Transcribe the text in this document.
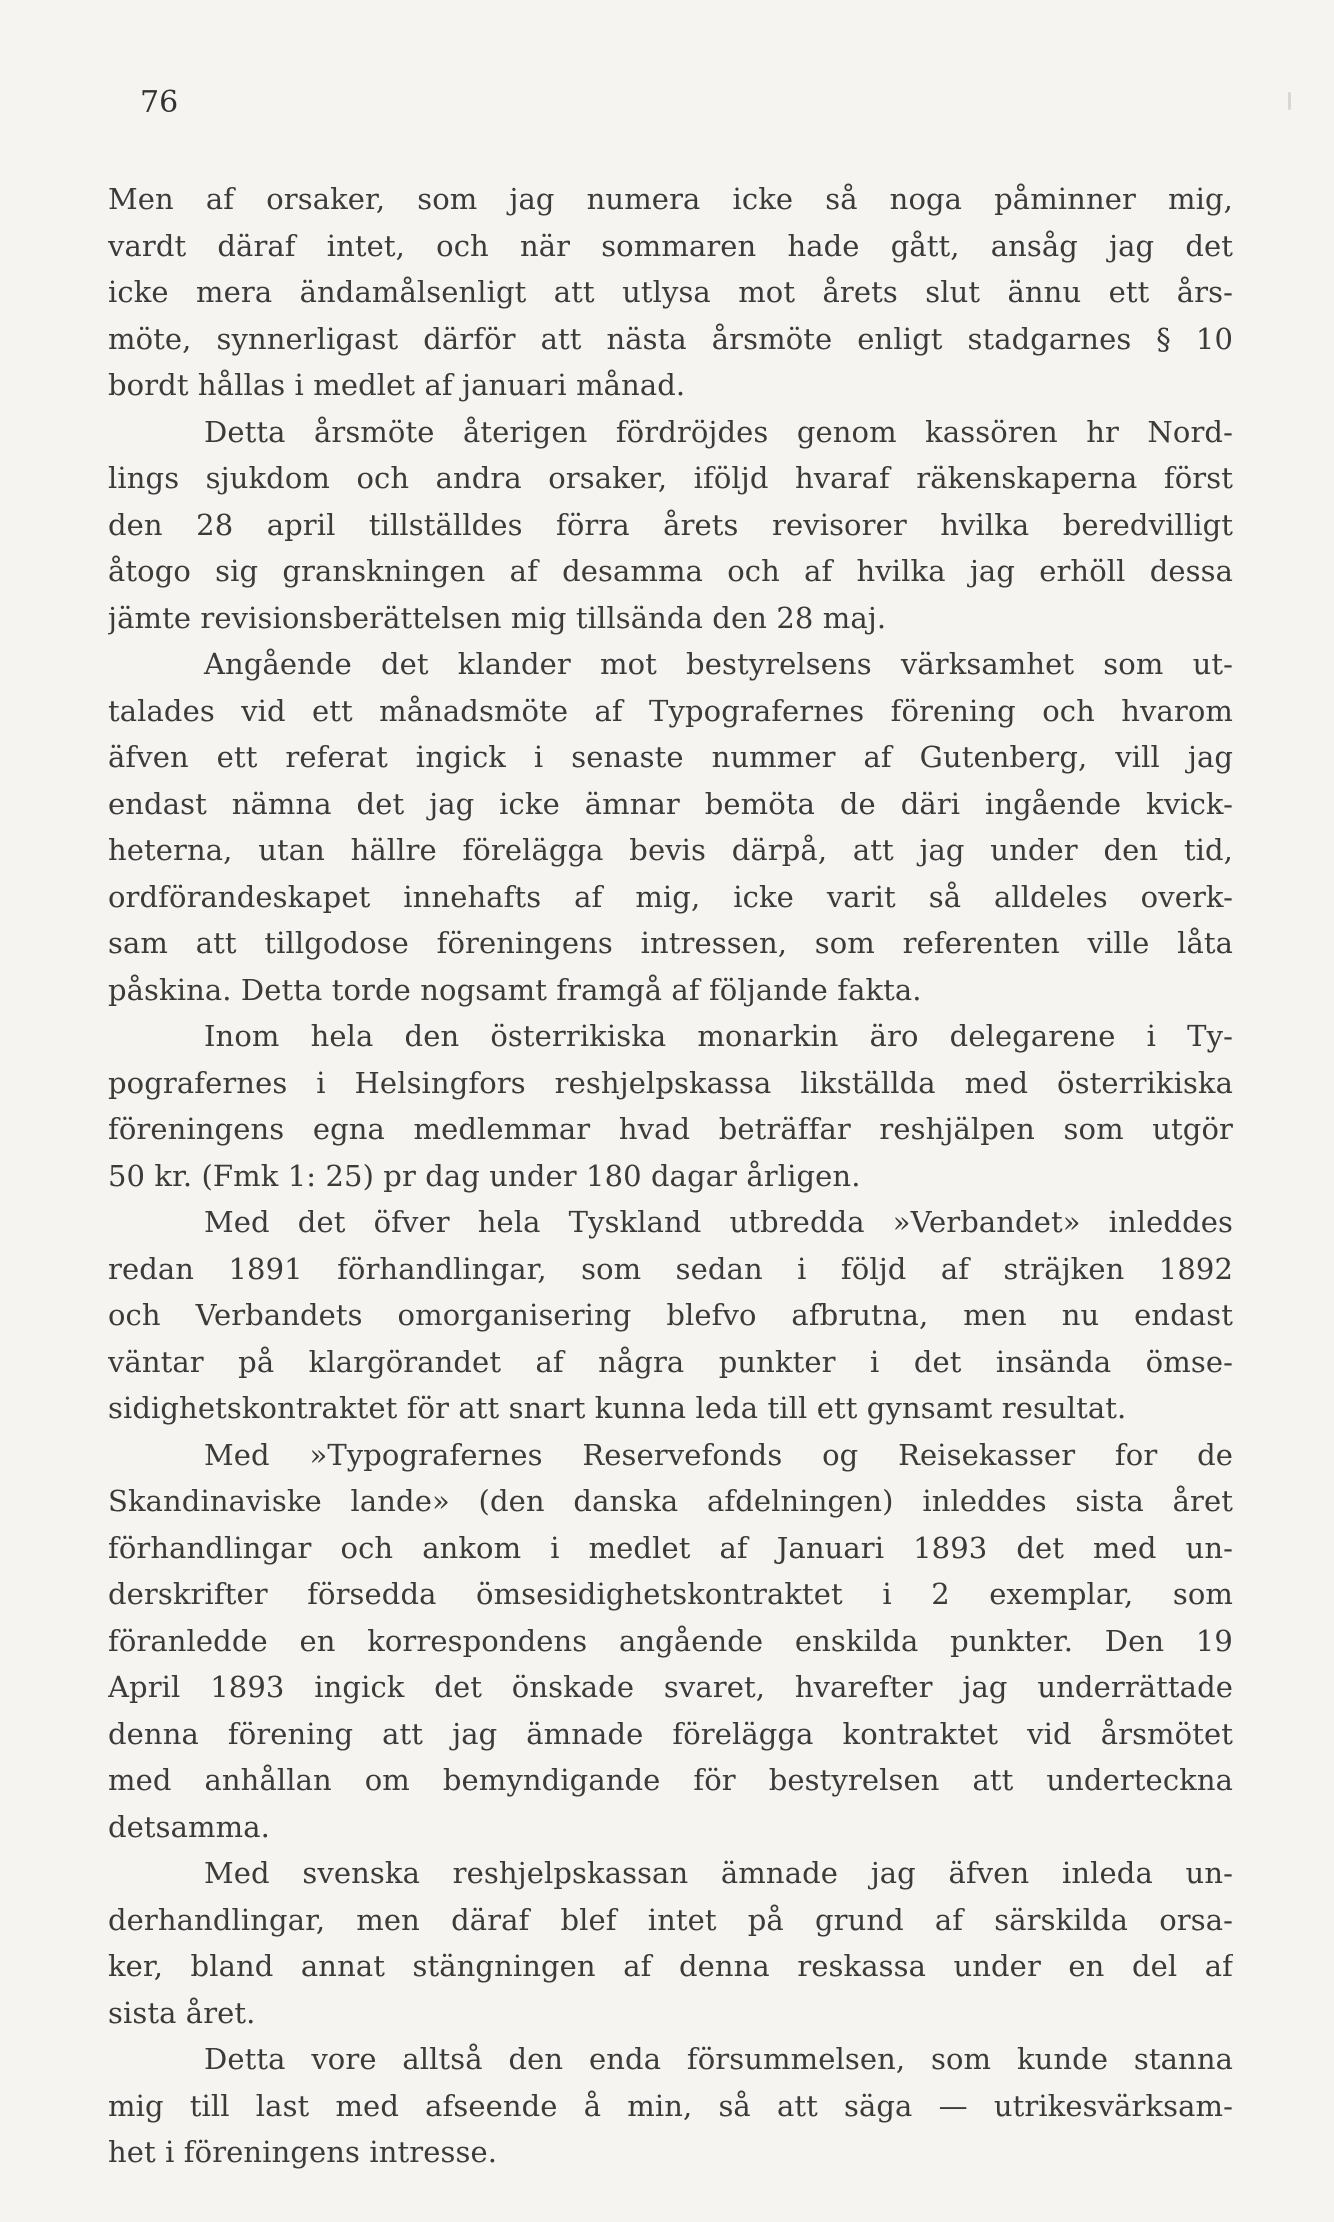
76
Men af orsaker, som jag numera icke så noga påminner mig,
vardt däraf intet, och när sommaren hade gått, ansåg jag det
icke mera ändamålsenligt att utlysa mot årets slut ännu ett års-
möte, synnerligast därför att nästa årsmöte enligt stadgarnes § 10
bordt hållas i medlet af januari månad.
Detta årsmöte återigen fördröjdes genom kassören hr Nord-
lings sjukdom och andra orsaker, iföljd hvaraf räkenskaperna först
den 28 april tillställdes förra årets revisorer hvilka beredvilligt
åtogo sig granskningen af desamma och af hvilka jag erhöll dessa
jämte revisionsberättelsen mig tillsända den 28 maj.
Angående det klander mot bestyrelsens värksamhet som ut-
talades vid ett månadsmöte af Typografernes förening och hvarom
äfven ett referat ingick i senaste nummer af Gutenberg, vill jag
endast nämna det jag icke ämnar bemöta de däri ingående kvick-
heterna, utan hällre förelägga bevis därpå, att jag under den tid,
ordförandeskapet innehafts af mig, icke varit så alldeles overk-
sam att tillgodose föreningens intressen, som referenten ville låta
påskina. Detta torde nogsamt framgå af följande fakta.
Inom hela den österrikiska monarkin äro delegarene i Ty-
pografernes i Helsingfors reshjelpskassa likställda med österrikiska
föreningens egna medlemmar hvad beträffar reshjälpen som utgör
50 kr. (Fmk 1: 25) pr dag under 180 dagar årligen.
Med det öfver hela Tyskland utbredda »Verbandet» inleddes
redan 1891 förhandlingar, som sedan i följd af sträjken 1892
och Verbandets omorganisering blefvo afbrutna, men nu endast
väntar på klargörandet af några punkter i det insända ömse-
sidighetskontraktet för att snart kunna leda till ett gynsamt resultat.
Med »Typografernes Reservefonds og Reisekasser for de
Skandinaviske lande» (den danska afdelningen) inleddes sista året
förhandlingar och ankom i medlet af Januari 1893 det med un-
derskrifter försedda ömsesidighetskontraktet i 2 exemplar, som
föranledde en korrespondens angående enskilda punkter. Den 19
April 1893 ingick det önskade svaret, hvarefter jag underrättade
denna förening att jag ämnade förelägga kontraktet vid årsmötet
med anhållan om bemyndigande för bestyrelsen att underteckna
detsamma.
Med svenska reshjelpskassan ämnade jag äfven inleda un-
derhandlingar, men däraf blef intet på grund af särskilda orsa-
ker, bland annat stängningen af denna reskassa under en del af
sista året.
Detta vore alltså den enda försummelsen, som kunde stanna
mig till last med afseende å min, så att säga — utrikesvärksam-
het i föreningens intresse.
